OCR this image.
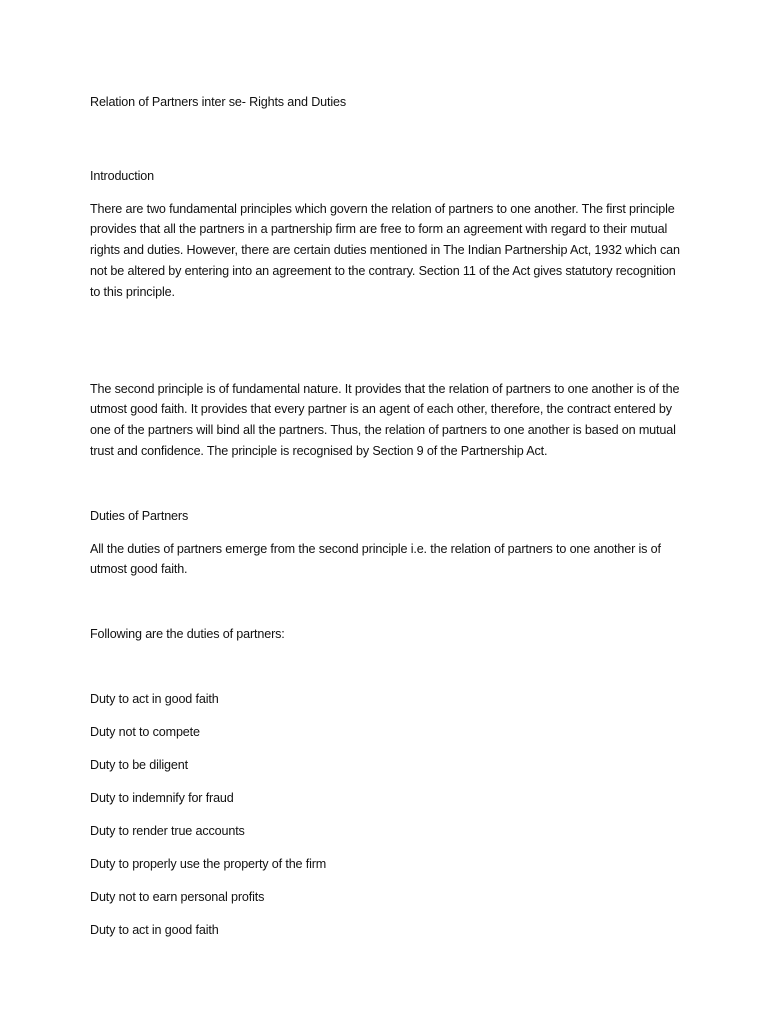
Relation of Partners inter se- Rights and Duties

Introduction

There are two fundamental principles which govern the relation of partners to one another. The first principle provides that all the partners in a partnership firm are free to form an agreement with regard to their mutual rights and duties. However, there are certain duties mentioned in The Indian Partnership Act, 1932 which can not be altered by entering into an agreement to the contrary. Section 11 of the Act gives statutory recognition to this principle.

The second principle is of fundamental nature. It provides that the relation of partners to one another is of the utmost good faith. It provides that every partner is an agent of each other, therefore, the contract entered by one of the partners will bind all the partners. Thus, the relation of partners to one another is based on mutual trust and confidence. The principle is recognised by Section 9 of the Partnership Act.

Duties of Partners

All the duties of partners emerge from the second principle i.e. the relation of partners to one another is of utmost good faith.

Following are the duties of partners:

Duty to act in good faith
Duty not to compete
Duty to be diligent
Duty to indemnify for fraud
Duty to render true accounts
Duty to properly use the property of the firm
Duty not to earn personal profits
Duty to act in good faith
